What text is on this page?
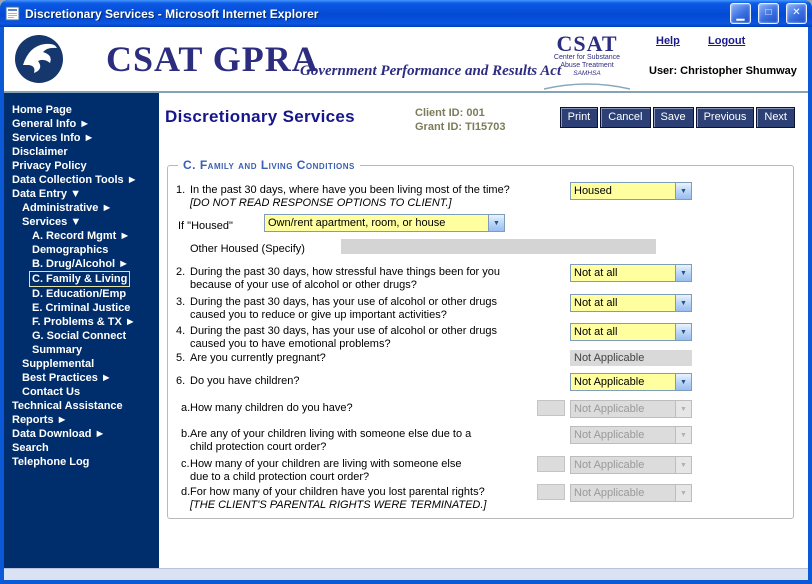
Discretionary Services - Microsoft Internet Explorer	▁	□	✕
CSAT GPRA
Government Performance and Results Act
CSAT
Center for Substance
Abuse Treatment
SAMHSA
Help	Logout
User: Christopher Shumway
Home Page
General Info ►
Services Info ►
Disclaimer
Privacy Policy
Data Collection Tools ►
Data Entry ▼
Administrative ►
Services ▼
A. Record Mgmt ►
Demographics
B. Drug/Alcohol ►
C. Family & Living
D. Education/Emp
E. Criminal Justice
F. Problems & TX ►
G. Social Connect
Summary
Supplemental
Best Practices ►
Contact Us
Technical Assistance
Reports ►
Data Download ►
Search
Telephone Log
Discretionary Services	Client ID: 001
Grant ID: TI15703
Print	Cancel	Save	Previous	Next
C. Family and Living Conditions
1. In the past 30 days, where have you been living most of the time?
[DO NOT READ RESPONSE OPTIONS TO CLIENT.]
Housed	▼
If "Housed"	Own/rent apartment, room, or house	▼
Other Housed (Specify)
2. During the past 30 days, how stressful have things been for you
because of your use of alcohol or other drugs?
Not at all	▼
3. During the past 30 days, has your use of alcohol or other drugs
caused you to reduce or give up important activities?
Not at all	▼
4. During the past 30 days, has your use of alcohol or other drugs
caused you to have emotional problems?
Not at all	▼
5. Are you currently pregnant?	Not Applicable
6. Do you have children?	Not Applicable	▼
a. How many children do you have?	Not Applicable	▼
b. Are any of your children living with someone else due to a
child protection court order?
Not Applicable	▼
c. How many of your children are living with someone else
due to a child protection court order?
Not Applicable	▼
d. For how many of your children have you lost parental rights?
[THE CLIENT'S PARENTAL RIGHTS WERE TERMINATED.]
Not Applicable	▼
